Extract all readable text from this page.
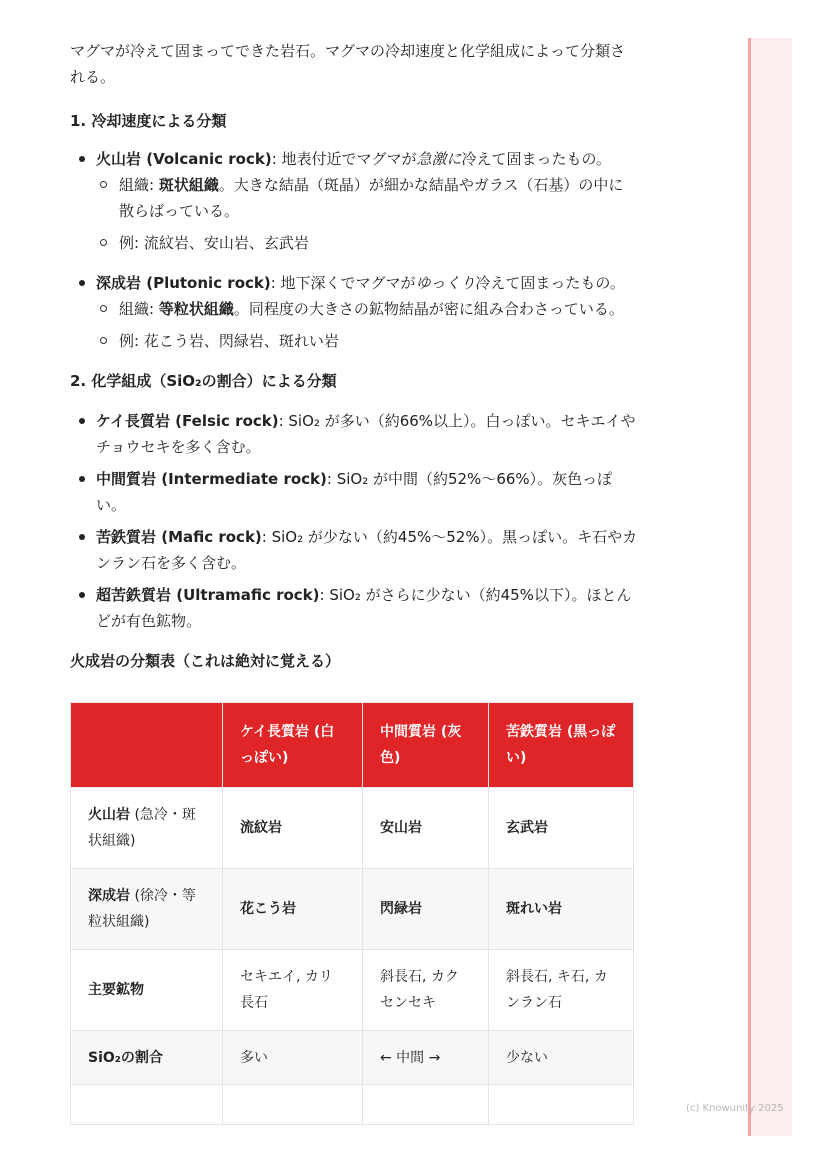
マグマが冷えて固まってできた岩石。マグマの冷却速度と化学組成によって分類される。

1. 冷却速度による分類
火山岩 (Volcanic rock): 地表付近でマグマが急激に冷えて固まったもの。
組織: 斑状組織。大きな結晶（斑晶）が細かな結晶やガラス（石基）の中に散らばっている。
例: 流紋岩、安山岩、玄武岩
深成岩 (Plutonic rock): 地下深くでマグマがゆっくり冷えて固まったもの。
組織: 等粒状組織。同程度の大きさの鉱物結晶が密に組み合わさっている。
例: 花こう岩、閃緑岩、斑れい岩
2. 化学組成（SiO₂の割合）による分類
ケイ長質岩 (Felsic rock): SiO₂ が多い（約66%以上）。白っぽい。セキエイやチョウセキを多く含む。
中間質岩 (Intermediate rock): SiO₂ が中間（約52%〜66%）。灰色っぽい。
苦鉄質岩 (Mafic rock): SiO₂ が少ない（約45%〜52%）。黒っぽい。キ石やカンラン石を多く含む。
超苦鉄質岩 (Ultramafic rock): SiO₂ がさらに少ない（約45%以下）。ほとんどが有色鉱物。
火成岩の分類表（これは絶対に覚える）
	ケイ長質岩 (白っぽい)	中間質岩 (灰色)	苦鉄質岩 (黒っぽい)
火山岩 (急冷・斑状組織)	流紋岩	安山岩	玄武岩
深成岩 (徐冷・等粒状組織)	花こう岩	閃緑岩	斑れい岩
主要鉱物	セキエイ, カリ長石	斜長石, カクセンセキ	斜長石, キ石, カンラン石
SiO₂の割合	多い	← 中間 →	少ない

(c) Knowunity 2025
